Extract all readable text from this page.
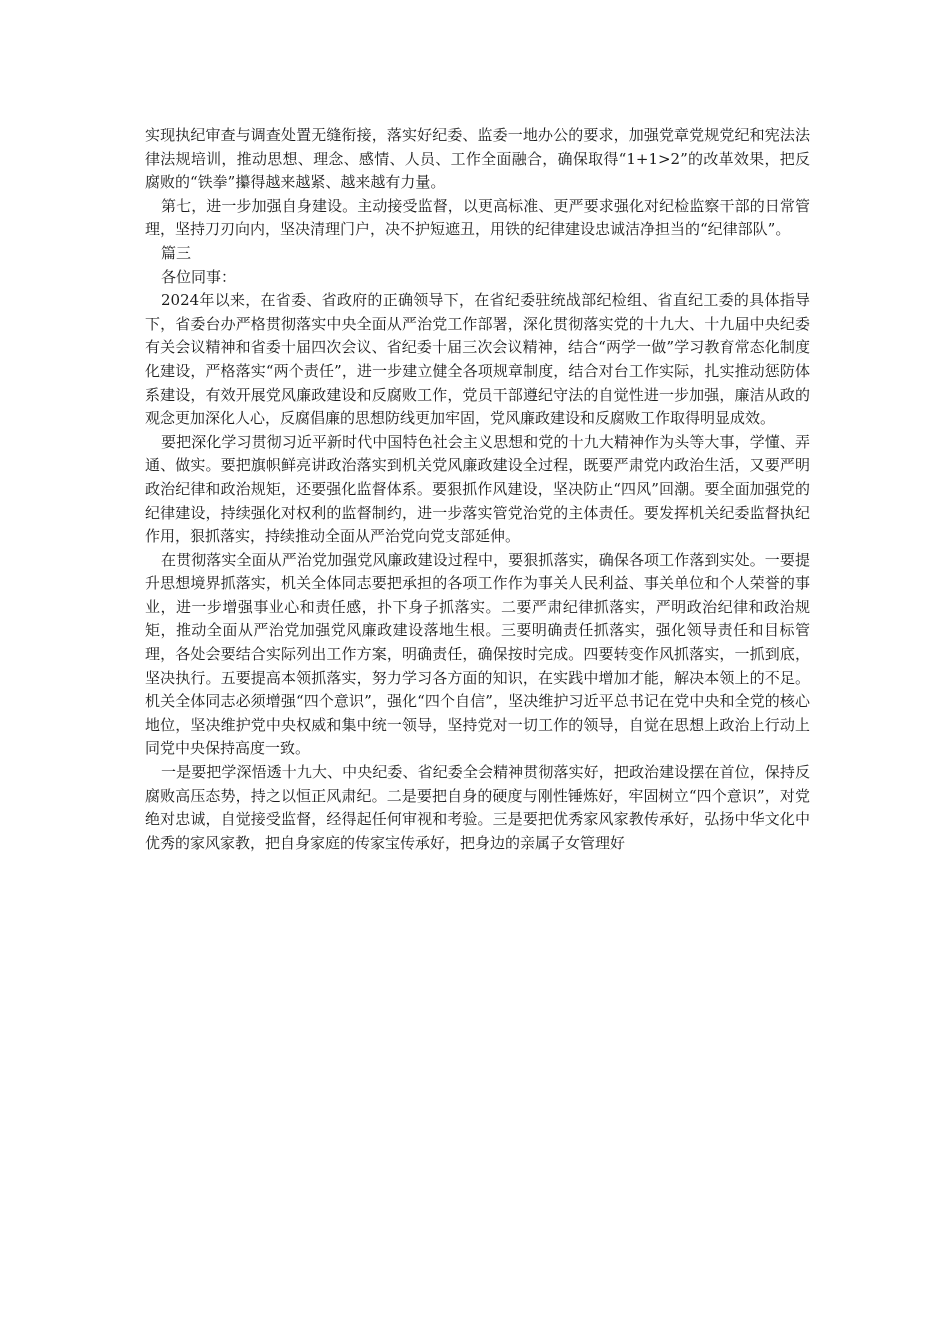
实现执纪审查与调查处置无缝衔接，落实好纪委、监委一地办公的要求，加强党章党规党纪和宪法法律法规培训，推动思想、理念、感情、人员、工作全面融合，确保取得“1+1>2”的改革效果，把反腐败的“铁拳”攥得越来越紧、越来越有力量。

第七，进一步加强自身建设。主动接受监督，以更高标准、更严要求强化对纪检监察干部的日常管理，坚持刀刃向内，坚决清理门户，决不护短遮丑，用铁的纪律建设忠诚洁净担当的“纪律部队”。

篇三

各位同事：

2024年以来，在省委、省政府的正确领导下，在省纪委驻统战部纪检组、省直纪工委的具体指导下，省委台办严格贯彻落实中央全面从严治党工作部署，深化贯彻落实党的十九大、十九届中央纪委有关会议精神和省委十届四次会议、省纪委十届三次会议精神，结合“两学一做”学习教育常态化制度化建设，严格落实“两个责任”，进一步建立健全各项规章制度，结合对台工作实际，扎实推动惩防体系建设，有效开展党风廉政建设和反腐败工作，党员干部遵纪守法的自觉性进一步加强，廉洁从政的观念更加深化人心，反腐倡廉的思想防线更加牢固，党风廉政建设和反腐败工作取得明显成效。

要把深化学习贯彻习近平新时代中国特色社会主义思想和党的十九大精神作为头等大事，学懂、弄通、做实。要把旗帜鲜亮讲政治落实到机关党风廉政建设全过程，既要严肃党内政治生活，又要严明政治纪律和政治规矩，还要强化监督体系。要狠抓作风建设，坚决防止“四风”回潮。要全面加强党的纪律建设，持续强化对权利的监督制约，进一步落实管党治党的主体责任。要发挥机关纪委监督执纪作用，狠抓落实，持续推动全面从严治党向党支部延伸。

在贯彻落实全面从严治党加强党风廉政建设过程中，要狠抓落实，确保各项工作落到实处。一要提升思想境界抓落实，机关全体同志要把承担的各项工作作为事关人民利益、事关单位和个人荣誉的事业，进一步增强事业心和责任感，扑下身子抓落实。二要严肃纪律抓落实，严明政治纪律和政治规矩，推动全面从严治党加强党风廉政建设落地生根。三要明确责任抓落实，强化领导责任和目标管理，各处会要结合实际列出工作方案，明确责任，确保按时完成。四要转变作风抓落实，一抓到底，坚决执行。五要提高本领抓落实，努力学习各方面的知识，在实践中增加才能，解决本领上的不足。机关全体同志必须增强“四个意识”，强化“四个自信”，坚决维护习近平总书记在党中央和全党的核心地位，坚决维护党中央权威和集中统一领导，坚持党对一切工作的领导，自觉在思想上政治上行动上同党中央保持高度一致。

一是要把学深悟透十九大、中央纪委、省纪委全会精神贯彻落实好，把政治建设摆在首位，保持反腐败高压态势，持之以恒正风肃纪。二是要把自身的硬度与刚性锤炼好，牢固树立“四个意识”，对党绝对忠诚，自觉接受监督，经得起任何审视和考验。三是要把优秀家风家教传承好，弘扬中华文化中优秀的家风家教，把自身家庭的传家宝传承好，把身边的亲属子女管理好
